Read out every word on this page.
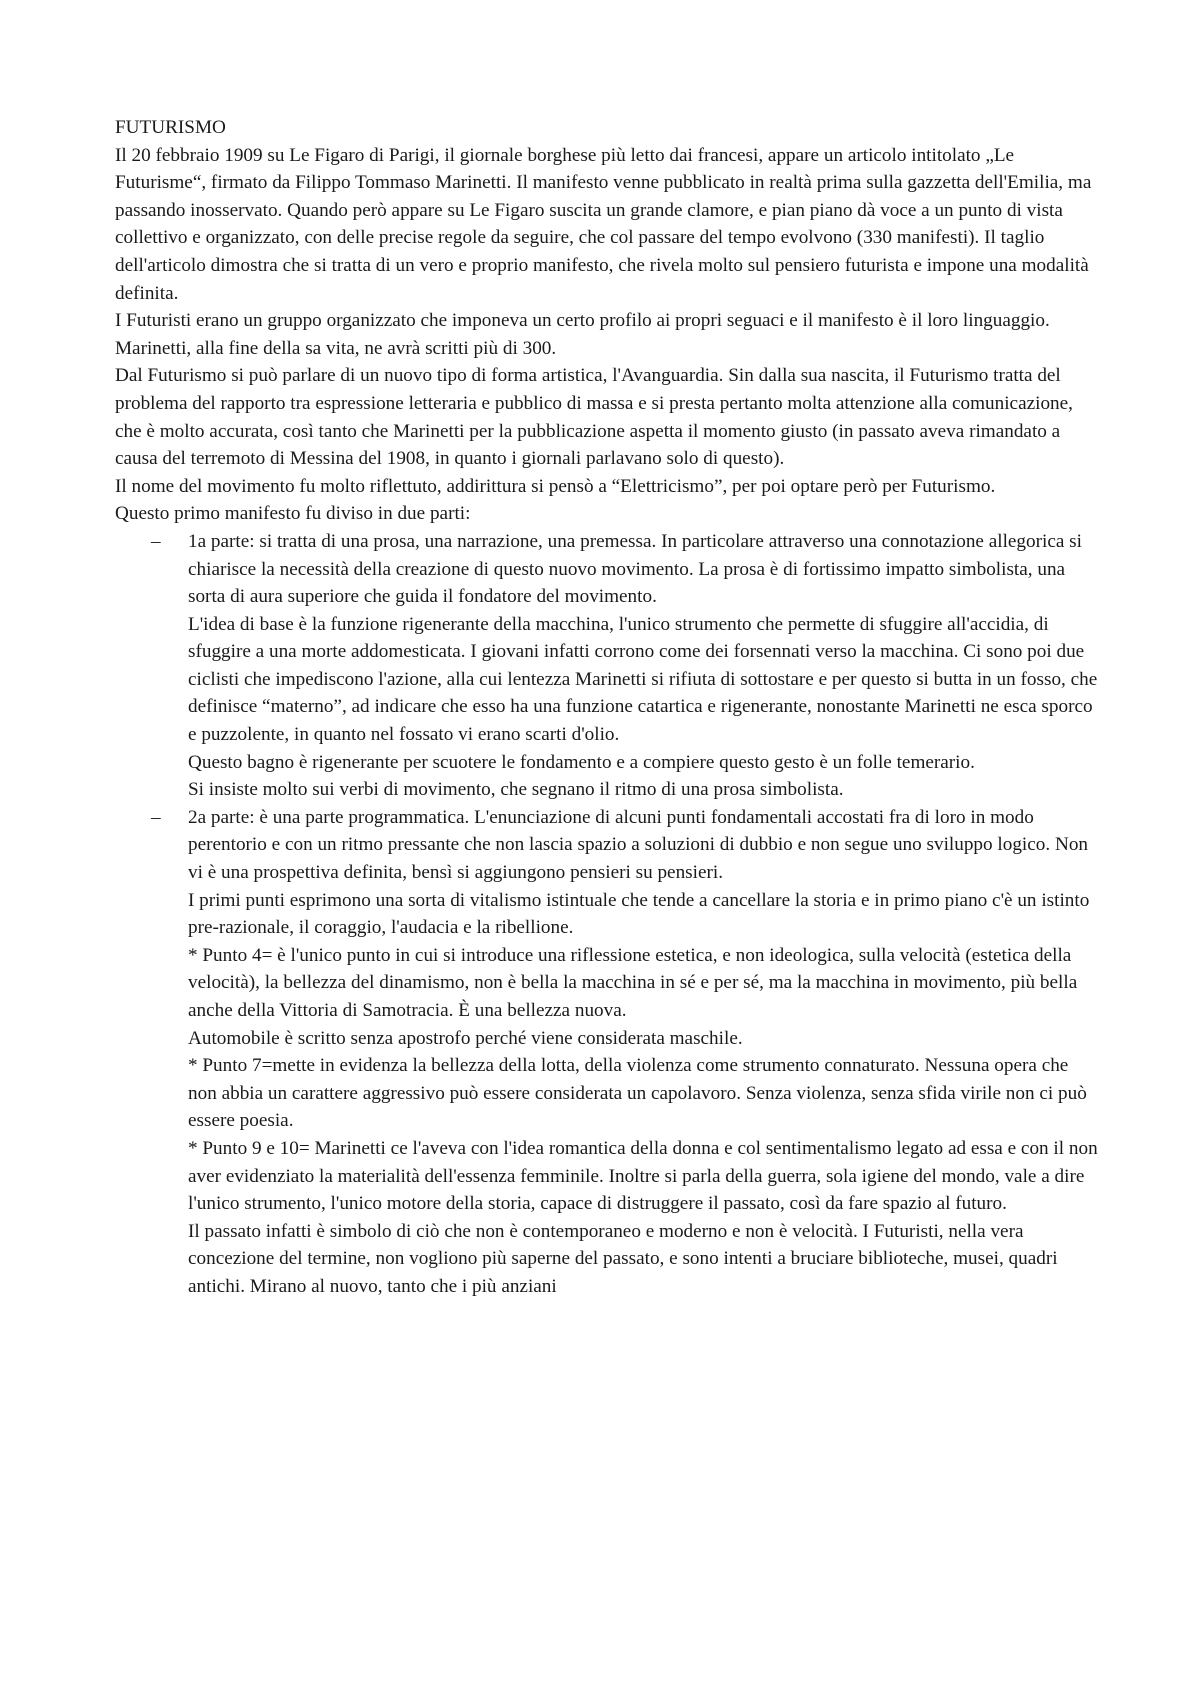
FUTURISMO

Il 20 febbraio 1909 su Le Figaro di Parigi, il giornale borghese più letto dai francesi, appare un articolo intitolato „Le Futurisme“, firmato da Filippo Tommaso Marinetti. Il manifesto venne pubblicato in realtà prima sulla gazzetta dell'Emilia, ma passando inosservato. Quando però appare su Le Figaro suscita un grande clamore, e pian piano dà voce a un punto di vista collettivo e organizzato, con delle precise regole da seguire, che col passare del tempo evolvono (330 manifesti). Il taglio dell'articolo dimostra che si tratta di un vero e proprio manifesto, che rivela molto sul pensiero futurista e impone una modalità definita.

I Futuristi erano un gruppo organizzato che imponeva un certo profilo ai propri seguaci e il manifesto è il loro linguaggio. Marinetti, alla fine della sa vita, ne avrà scritti più di 300.

Dal Futurismo si può parlare di un nuovo tipo di forma artistica, l'Avanguardia. Sin dalla sua nascita, il Futurismo tratta del problema del rapporto tra espressione letteraria e pubblico di massa e si presta pertanto molta attenzione alla comunicazione, che è molto accurata, così tanto che Marinetti per la pubblicazione aspetta il momento giusto (in passato aveva rimandato a causa del terremoto di Messina del 1908, in quanto i giornali parlavano solo di questo).

Il nome del movimento fu molto riflettuto, addirittura si pensò a “Elettricismo”, per poi optare però per Futurismo.

Questo primo manifesto fu diviso in due parti:

– 1a parte: si tratta di una prosa, una narrazione, una premessa. In particolare attraverso una connotazione allegorica si chiarisce la necessità della creazione di questo nuovo movimento. La prosa è di fortissimo impatto simbolista, una sorta di aura superiore che guida il fondatore del movimento.

L'idea di base è la funzione rigenerante della macchina, l'unico strumento che permette di sfuggire all'accidia, di sfuggire a una morte addomesticata. I giovani infatti corrono come dei forsennati verso la macchina. Ci sono poi due ciclisti che impediscono l'azione, alla cui lentezza Marinetti si rifiuta di sottostare e per questo si butta in un fosso, che definisce “materno”, ad indicare che esso ha una funzione catartica e rigenerante, nonostante Marinetti ne esca sporco e puzzolente, in quanto nel fossato vi erano scarti d'olio.

Questo bagno è rigenerante per scuotere le fondamento e a compiere questo gesto è un folle temerario.

Si insiste molto sui verbi di movimento, che segnano il ritmo di una prosa simbolista.

– 2a parte: è una parte programmatica. L'enunciazione di alcuni punti fondamentali accostati fra di loro in modo perentorio e con un ritmo pressante che non lascia spazio a soluzioni di dubbio e non segue uno sviluppo logico. Non vi è una prospettiva definita, bensì si aggiungono pensieri su pensieri.

I primi punti esprimono una sorta di vitalismo istintuale che tende a cancellare la storia e in primo piano c'è un istinto pre-razionale, il coraggio, l'audacia e la ribellione.

* Punto 4= è l'unico punto in cui si introduce una riflessione estetica, e non ideologica, sulla velocità (estetica della velocità), la bellezza del dinamismo, non è bella la macchina in sé e per sé, ma la macchina in movimento, più bella anche della Vittoria di Samotracia. È una bellezza nuova.

Automobile è scritto senza apostrofo perché viene considerata maschile.

* Punto 7=mette in evidenza la bellezza della lotta, della violenza come strumento connaturato. Nessuna opera che non abbia un carattere aggressivo può essere considerata un capolavoro. Senza violenza, senza sfida virile non ci può essere poesia.

* Punto 9 e 10= Marinetti ce l'aveva con l'idea romantica della donna e col sentimentalismo legato ad essa e con il non aver evidenziato la materialità dell'essenza femminile. Inoltre si parla della guerra, sola igiene del mondo, vale a dire l'unico strumento, l'unico motore della storia, capace di distruggere il passato, così da fare spazio al futuro.

Il passato infatti è simbolo di ciò che non è contemporaneo e moderno e non è velocità. I Futuristi, nella vera concezione del termine, non vogliono più saperne del passato, e sono intenti a bruciare biblioteche, musei, quadri antichi. Mirano al nuovo, tanto che i più anziani
